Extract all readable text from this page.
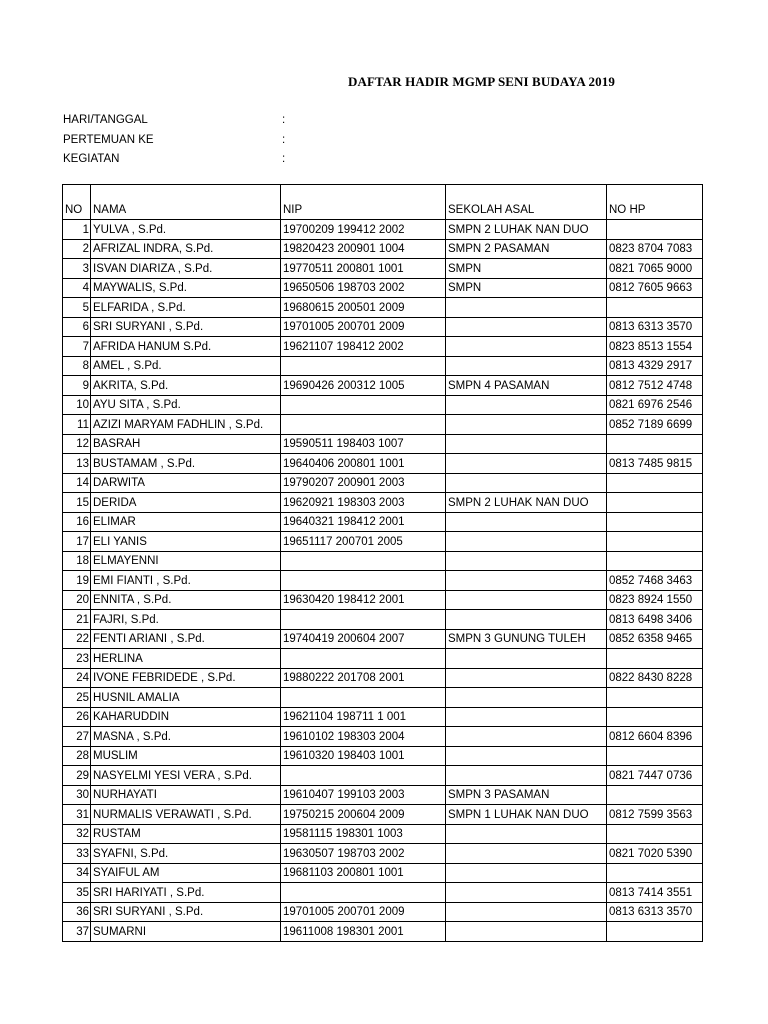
DAFTAR HADIR MGMP SENI BUDAYA 2019
HARI/TANGGAL	:
PERTEMUAN KE	:
KEGIATAN	:
NO	NAMA	NIP	SEKOLAH ASAL	NO HP
1	YULVA , S.Pd.	19700209 199412 2002	SMPN 2 LUHAK NAN DUO	
2	AFRIZAL INDRA, S.Pd.	19820423 200901 1004	SMPN 2 PASAMAN	0823 8704 7083
3	ISVAN DIARIZA , S.Pd.	19770511 200801 1001	SMPN	0821 7065 9000
4	MAYWALIS, S.Pd.	19650506 198703 2002	SMPN	0812 7605 9663
5	ELFARIDA , S.Pd.	19680615 200501 2009		
6	SRI SURYANI , S.Pd.	19701005 200701 2009		0813 6313 3570
7	AFRIDA HANUM S.Pd.	19621107 198412 2002		0823 8513 1554
8	AMEL , S.Pd.			0813 4329 2917
9	AKRITA, S.Pd.	19690426 200312 1005	SMPN 4 PASAMAN	0812 7512 4748
10	AYU SITA , S.Pd.			0821 6976 2546
11	AZIZI MARYAM FADHLIN , S.Pd.			0852 7189 6699
12	BASRAH	19590511 198403 1007		
13	BUSTAMAM , S.Pd.	19640406 200801 1001		0813 7485 9815
14	DARWITA	19790207 200901 2003		
15	DERIDA	19620921 198303 2003	SMPN 2 LUHAK NAN DUO	
16	ELIMAR	19640321 198412 2001		
17	ELI YANIS	19651117 200701 2005		
18	ELMAYENNI			
19	EMI FIANTI , S.Pd.			0852 7468 3463
20	ENNITA , S.Pd.	19630420 198412 2001		0823 8924 1550
21	FAJRI, S.Pd.			0813 6498 3406
22	FENTI ARIANI , S.Pd.	19740419 200604 2007	SMPN 3 GUNUNG TULEH	0852 6358 9465
23	HERLINA			
24	IVONE FEBRIDEDE , S.Pd.	19880222 201708 2001		0822 8430 8228
25	HUSNIL AMALIA			
26	KAHARUDDIN	19621104 198711 1 001		
27	MASNA , S.Pd.	19610102 198303 2004		0812 6604 8396
28	MUSLIM	19610320 198403 1001		
29	NASYELMI YESI VERA , S.Pd.			0821 7447 0736
30	NURHAYATI	19610407 199103 2003	SMPN 3 PASAMAN	
31	NURMALIS VERAWATI , S.Pd.	19750215 200604 2009	SMPN 1 LUHAK NAN DUO	0812 7599 3563
32	RUSTAM	19581115 198301 1003		
33	SYAFNI, S.Pd.	19630507 198703 2002		0821 7020 5390
34	SYAIFUL AM	19681103 200801 1001		
35	SRI HARIYATI , S.Pd.			0813 7414 3551
36	SRI SURYANI , S.Pd.	19701005 200701 2009		0813 6313 3570
37	SUMARNI	19611008 198301 2001		
